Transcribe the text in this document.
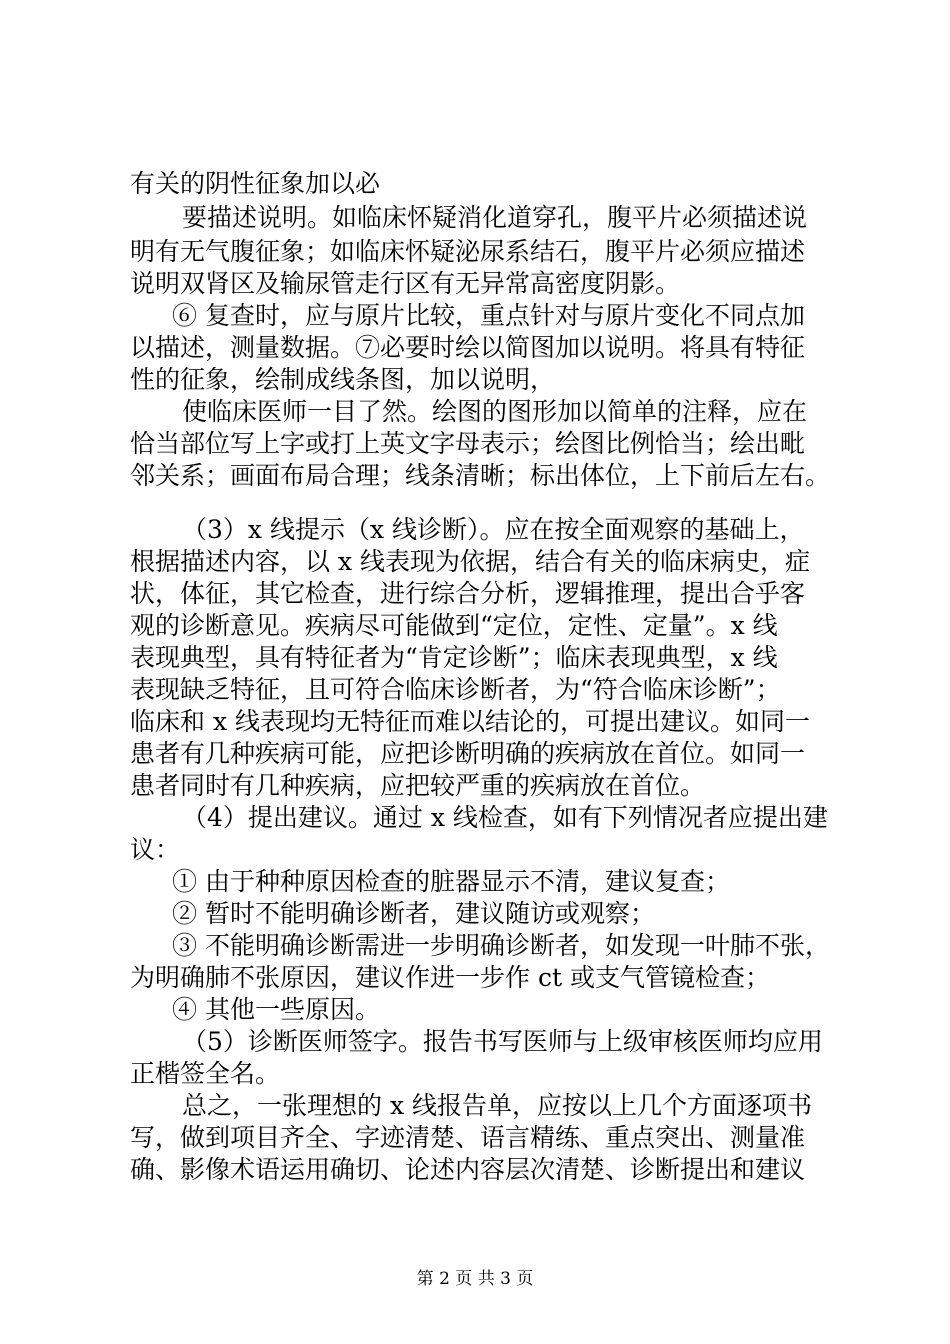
有关的阴性征象加以必
要描述说明。如临床怀疑消化道穿孔，腹平片必须描述说
明有无气腹征象；如临床怀疑泌尿系结石，腹平片必须应描述
说明双肾区及输尿管走行区有无异常高密度阴影。
⑥ 复查时，应与原片比较，重点针对与原片变化不同点加
以描述，测量数据。⑦必要时绘以简图加以说明。将具有特征
性的征象，绘制成线条图，加以说明，
使临床医师一目了然。绘图的图形加以简单的注释，应在
恰当部位写上字或打上英文字母表示；绘图比例恰当；绘出毗
邻关系；画面布局合理；线条清晰；标出体位，上下前后左右。
（3）x 线提示（x 线诊断）。应在按全面观察的基础上，
根据描述内容，以 x 线表现为依据，结合有关的临床病史，症
状，体征，其它检查，进行综合分析，逻辑推理，提出合乎客
观的诊断意见。疾病尽可能做到“定位，定性、定量”。x 线
表现典型，具有特征者为“肯定诊断”；临床表现典型，x 线
表现缺乏特征，且可符合临床诊断者，为“符合临床诊断”；
临床和 x 线表现均无特征而难以结论的，可提出建议。如同一
患者有几种疾病可能，应把诊断明确的疾病放在首位。如同一
患者同时有几种疾病，应把较严重的疾病放在首位。
（4）提出建议。通过 x 线检查，如有下列情况者应提出建
议：
① 由于种种原因检查的脏器显示不清，建议复查；
② 暂时不能明确诊断者，建议随访或观察；
③ 不能明确诊断需进一步明确诊断者，如发现一叶肺不张，
为明确肺不张原因，建议作进一步作 ct 或支气管镜检查；
④ 其他一些原因。
（5）诊断医师签字。报告书写医师与上级审核医师均应用
正楷签全名。
总之，一张理想的 x 线报告单，应按以上几个方面逐项书
写，做到项目齐全、字迹清楚、语言精练、重点突出、测量准
确、影像术语运用确切、论述内容层次清楚、诊断提出和建议
第 2 页 共 3 页
